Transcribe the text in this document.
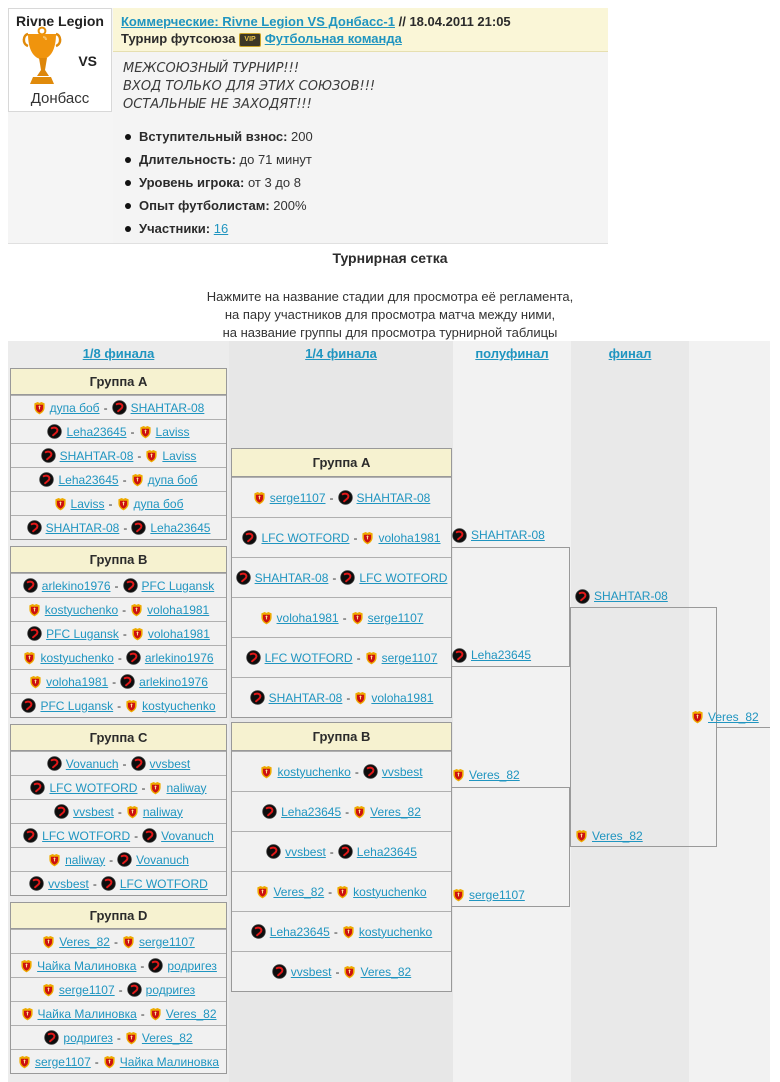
Rivne Legion
VS
Донбасс
Коммерческие: Rivne Legion VS Донбасс-1 // 18.04.2011 21:05
Турнир футсоюза VIP Футбольная команда
МЕЖСОЮЗНЫЙ ТУРНИР!!!
ВХОД ТОЛЬКО ДЛЯ ЭТИХ СОЮЗОВ!!!
ОСТАЛЬНЫЕ НЕ ЗАХОДЯТ!!!
Вступительный взнос: 200
Длительность: до 71 минут
Уровень игрока: от 3 до 8
Опыт футболистам: 200%
Участники: 16
Турнирная сетка
Нажмите на название стадии для просмотра её регламента,
на пару участников для просмотра матча между ними,
на название группы для просмотра турнирной таблицы
1/8 финала	1/4 финала	полуфинал	финал
Группа А
дупа боб - SHAHTAR-08
Leha23645 - Laviss
SHAHTAR-08 - Laviss
Leha23645 - дупа боб
Laviss - дупа боб
SHAHTAR-08 - Leha23645
Группа В
arlekino1976 - PFC Lugansk
kostyuchenko - voloha1981
PFC Lugansk - voloha1981
kostyuchenko - arlekino1976
voloha1981 - arlekino1976
PFC Lugansk - kostyuchenko
Группа С
Vovanuch - vvsbest
LFC WOTFORD - naliway
vvsbest - naliway
LFC WOTFORD - Vovanuch
naliway - Vovanuch
vvsbest - LFC WOTFORD
Группа D
Veres_82 - serge1107
Чайка Малиновка - родригез
serge1107 - родригез
Чайка Малиновка - Veres_82
родригез - Veres_82
serge1107 - Чайка Малиновка
Группа А
serge1107 - SHAHTAR-08
LFC WOTFORD - voloha1981
SHAHTAR-08 - LFC WOTFORD
voloha1981 - serge1107
LFC WOTFORD - serge1107
SHAHTAR-08 - voloha1981
Группа В
kostyuchenko - vvsbest
Leha23645 - Veres_82
vvsbest - Leha23645
Veres_82 - kostyuchenko
Leha23645 - kostyuchenko
vvsbest - Veres_82
SHAHTAR-08
Leha23645
Veres_82
serge1107
SHAHTAR-08
Veres_82
Veres_82
